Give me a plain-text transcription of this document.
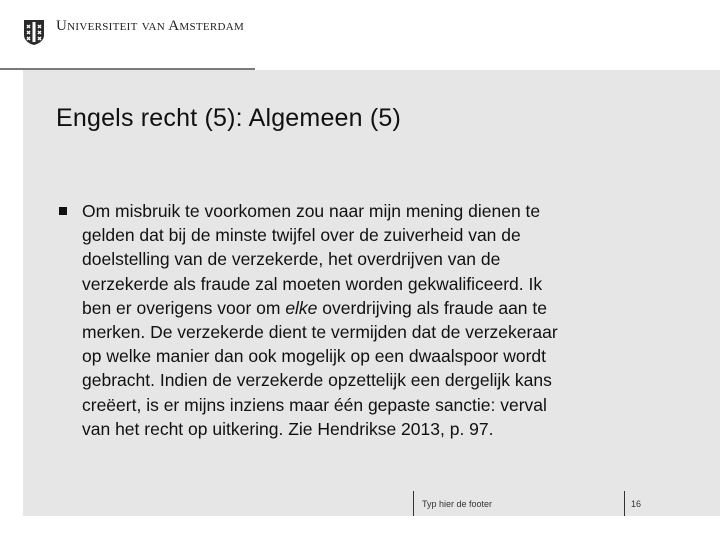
Universiteit van Amsterdam
Engels recht (5): Algemeen (5)
Om misbruik te voorkomen zou naar mijn mening dienen te
gelden dat bij de minste twijfel over de zuiverheid van de
doelstelling van de verzekerde, het overdrijven van de
verzekerde als fraude zal moeten worden gekwalificeerd. Ik
ben er overigens voor om elke overdrijving als fraude aan te
merken. De verzekerde dient te vermijden dat de verzekeraar
op welke manier dan ook mogelijk op een dwaalspoor wordt
gebracht. Indien de verzekerde opzettelijk een dergelijk kans
creëert, is er mijns inziens maar één gepaste sanctie: verval
van het recht op uitkering. Zie Hendrikse 2013, p. 97.
Typ hier de footer	16
